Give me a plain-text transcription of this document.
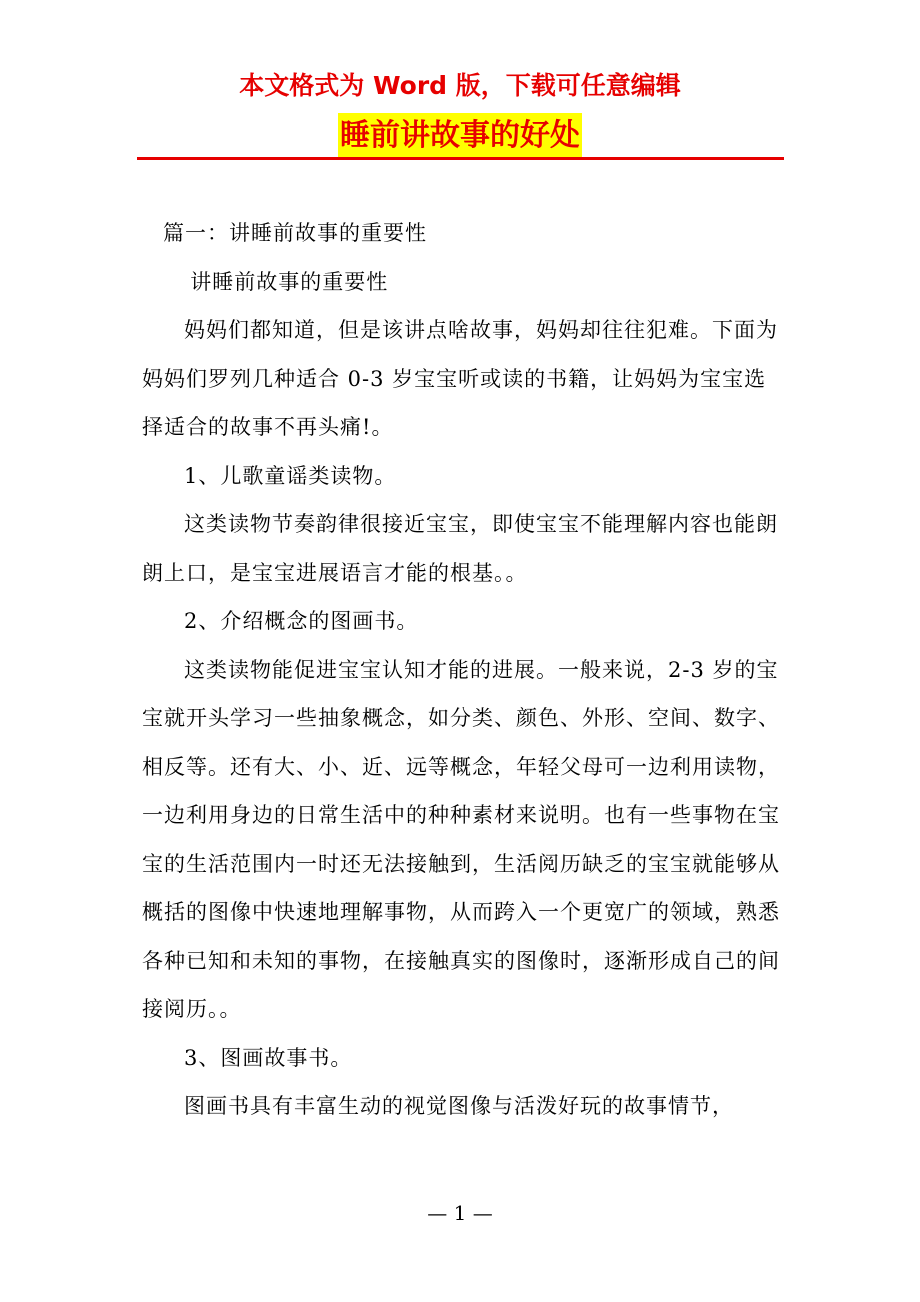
本文格式为 Word 版，下载可任意编辑
睡前讲故事的好处

篇一：讲睡前故事的重要性

讲睡前故事的重要性

妈妈们都知道，但是该讲点啥故事，妈妈却往往犯难。下面为妈妈们罗列几种适合 0-3 岁宝宝听或读的书籍，让妈妈为宝宝选择适合的故事不再头痛!。

1、儿歌童谣类读物。

这类读物节奏韵律很接近宝宝，即使宝宝不能理解内容也能朗朗上口，是宝宝进展语言才能的根基。。

2、介绍概念的图画书。

这类读物能促进宝宝认知才能的进展。一般来说，2-3 岁的宝宝就开头学习一些抽象概念，如分类、颜色、外形、空间、数字、相反等。还有大、小、近、远等概念，年轻父母可一边利用读物，一边利用身边的日常生活中的种种素材来说明。也有一些事物在宝宝的生活范围内一时还无法接触到，生活阅历缺乏的宝宝就能够从概括的图像中快速地理解事物，从而跨入一个更宽广的领域，熟悉各种已知和未知的事物，在接触真实的图像时，逐渐形成自己的间接阅历。。

3、图画故事书。

图画书具有丰富生动的视觉图像与活泼好玩的故事情节，

— 1 —
